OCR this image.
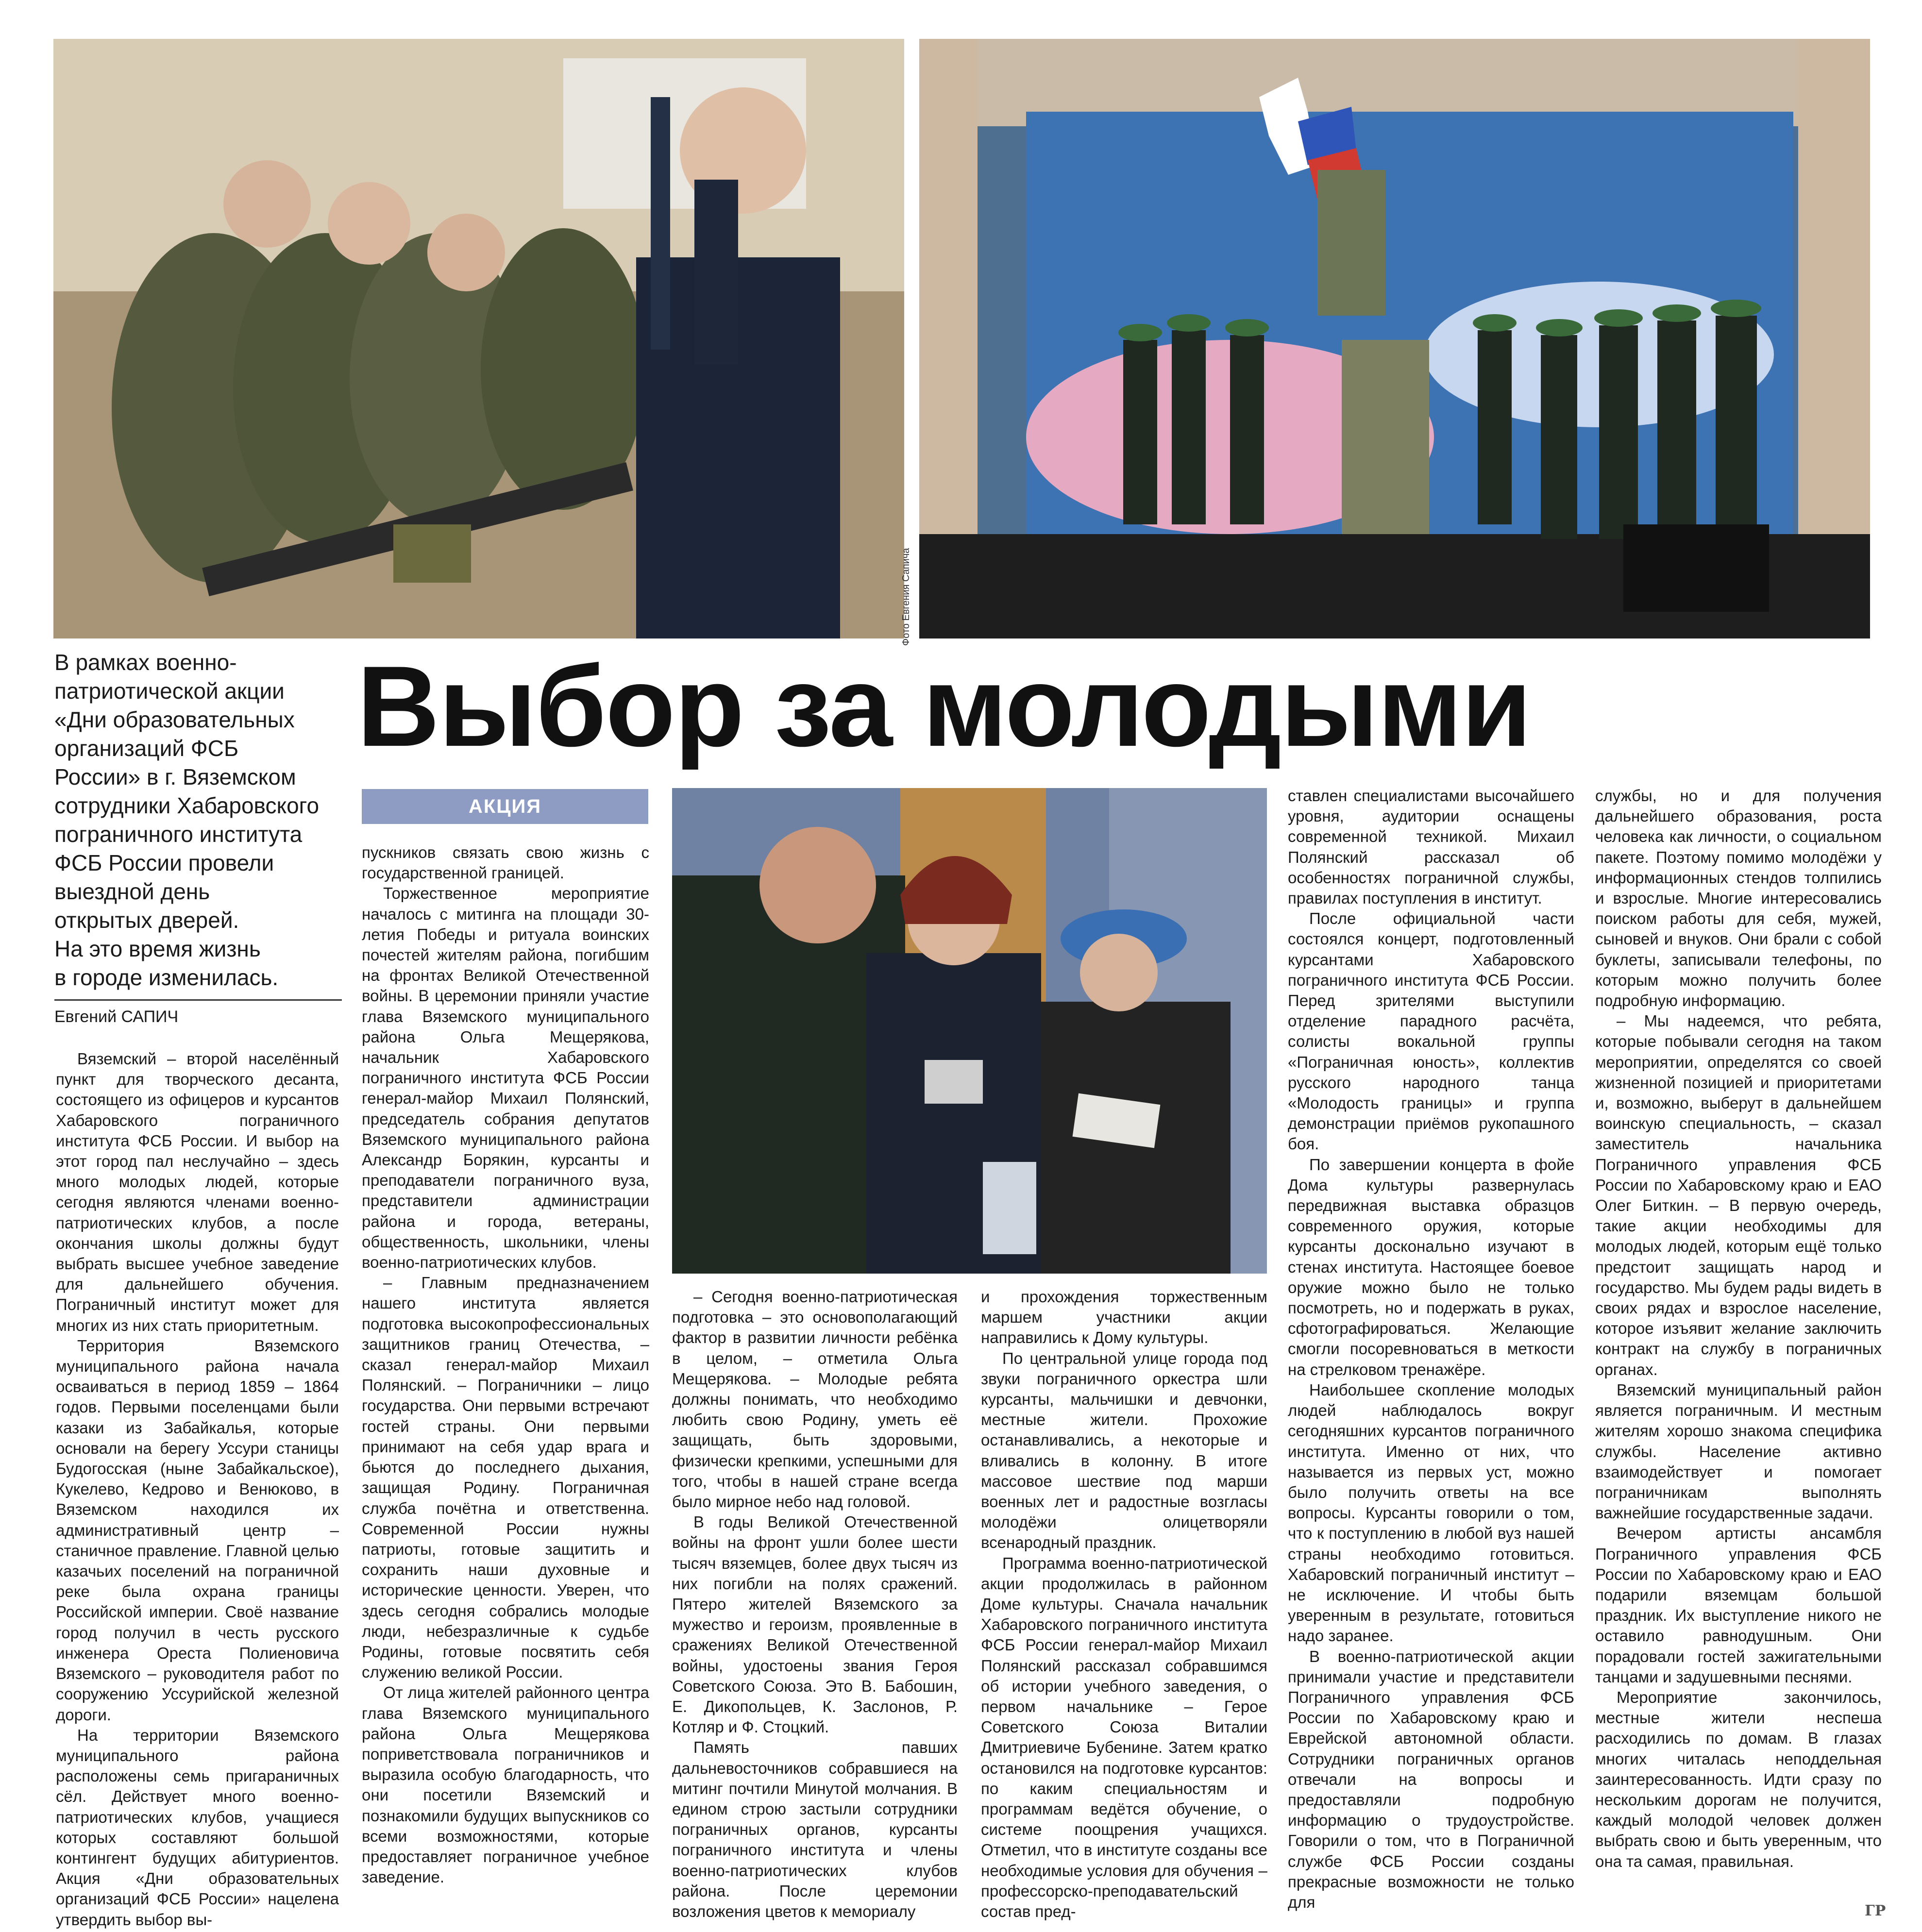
Фото Евгения Сапича

В рамках военно-

патриотической акции

«Дни образовательных

организаций ФСБ

России» в г. Вяземском

сотрудники Хабаровского

пограничного института

ФСБ России провели

выездной день

открытых дверей.

На это время жизнь

в городе изменилась.

Евгений САПИЧ
Выбор за молодыми
АКЦИЯ

Вяземский – второй населённый пункт для творческого десанта, состоящего из офицеров и курсантов Хабаровского пограничного института ФСБ России. И выбор на этот город пал неслучайно – здесь много молодых людей, которые сегодня являются членами военно-патриотических клубов, а после окончания школы должны будут выбрать высшее учебное заведение для дальнейшего обучения. Пограничный институт может для многих из них стать приоритетным.

Территория Вяземского муниципального района начала осваиваться в период 1859 – 1864 годов. Первыми поселенцами были казаки из Забайкалья, которые основали на берегу Уссури станицы Будогосская (ныне Забайкальское), Кукелево, Кедрово и Венюково, в Вяземском находился их административный центр – станичное правление. Главной целью казачьих поселений на пограничной реке была охрана границы Российской империи. Своё название город получил в честь русского инженера Ореста Полиеновича Вяземского – руководителя работ по сооружению Уссурийской железной дороги.

На территории Вяземского муниципального района расположены семь пригараничных сёл. Действует много военно-патриотических клубов, учащиеся которых составляют большой контингент будущих абитуриентов. Акция «Дни образовательных организаций ФСБ России» нацелена утвердить выбор вы-

пускников связать свою жизнь с государственной границей.

Торжественное мероприятие началось с митинга на площади 30-летия Победы и ритуала воинских почестей жителям района, погибшим на фронтах Великой Отечественной войны. В церемонии приняли участие глава Вяземского муниципального района Ольга Мещерякова, начальник Хабаровского пограничного института ФСБ России генерал-майор Михаил Полянский, председатель собрания депутатов Вяземского муниципального района Александр Борякин, курсанты и преподаватели пограничного вуза, представители администрации района и города, ветераны, общественность, школьники, члены военно-патриотических клубов.

– Главным предназначением нашего института является подготовка высокопрофессиональных защитников границ Отечества, – сказал генерал-майор Михаил Полянский. – Пограничники – лицо государства. Они первыми встречают гостей страны. Они первыми принимают на себя удар врага и бьются до последнего дыхания, защищая Родину. Пограничная служба почётна и ответственна. Современной России нужны патриоты, готовые защитить и сохранить наши духовные и исторические ценности. Уверен, что здесь сегодня собрались молодые люди, небезразличные к судьбе Родины, готовые посвятить себя служению великой России.

От лица жителей районного центра глава Вяземского муниципального района Ольга Мещерякова поприветствовала пограничников и выразила особую благодарность, что они посетили Вяземский и познакомили будущих выпускников со всеми возможностями, которые предоставляет пограничное учебное заведение.

– Сегодня военно-патриотическая подготовка – это основополагающий фактор в развитии личности ребёнка в целом, – отметила Ольга Мещерякова. – Молодые ребята должны понимать, что необходимо любить свою Родину, уметь её защищать, быть здоровыми, физически крепкими, успешными для того, чтобы в нашей стране всегда было мирное небо над головой.

В годы Великой Отечественной войны на фронт ушли более шести тысяч вяземцев, более двух тысяч из них погибли на полях сражений. Пятеро жителей Вяземского за мужество и героизм, проявленные в сражениях Великой Отечественной войны, удостоены звания Героя Советского Союза. Это В. Бабошин, Е. Дикопольцев, К. Заслонов, Р. Котляр и Ф. Стоцкий.

Память павших дальневосточников собравшиеся на митинг почтили Минутой молчания. В едином строю застыли сотрудники пограничных органов, курсанты пограничного института и члены военно-патриотических клубов района. После церемонии возложения цветов к мемориалу

и прохождения торжественным маршем участники акции направились к Дому культуры.

По центральной улице города под звуки пограничного оркестра шли курсанты, мальчишки и девчонки, местные жители. Прохожие останавливались, а некоторые и вливались в колонну. В итоге массовое шествие под марши военных лет и радостные возгласы молодёжи олицетворяли всенародный праздник.

Программа военно-патриотической акции продолжилась в районном Доме культуры. Сначала начальник Хабаровского пограничного института ФСБ России генерал-майор Михаил Полянский рассказал собравшимся об истории учебного заведения, о первом начальнике – Герое Советского Союза Виталии Дмитриевиче Бубенине. Затем кратко остановился на подготовке курсантов: по каким специальностям и программам ведётся обучение, о системе поощрения учащихся. Отметил, что в институте созданы все необходимые условия для обучения – профессорско-преподавательский состав пред-

ставлен специалистами высочайшего уровня, аудитории оснащены современной техникой. Михаил Полянский рассказал об особенностях пограничной службы, правилах поступления в институт.

После официальной части состоялся концерт, подготовленный курсантами Хабаровского пограничного института ФСБ России. Перед зрителями выступили отделение парадного расчёта, солисты вокальной группы «Пограничная юность», коллектив русского народного танца «Молодость границы» и группа демонстрации приёмов рукопашного боя.

По завершении концерта в фойе Дома культуры развернулась передвижная выставка образцов современного оружия, которые курсанты досконально изучают в стенах института. Настоящее боевое оружие можно было не только посмотреть, но и подержать в руках, сфотографироваться. Желающие смогли посоревноваться в меткости на стрелковом тренажёре.

Наибольшее скопление молодых людей наблюдалось вокруг сегодняшних курсантов пограничного института. Именно от них, что называется из первых уст, можно было получить ответы на все вопросы. Курсанты говорили о том, что к поступлению в любой вуз нашей страны необходимо готовиться. Хабаровский пограничный институт – не исключение. И чтобы быть уверенным в результате, готовиться надо заранее.

В военно-патриотической акции принимали участие и представители Пограничного управления ФСБ России по Хабаровскому краю и Еврейской автономной области. Сотрудники пограничных органов отвечали на вопросы и предоставляли подробную информацию о трудоустройстве. Говорили о том, что в Пограничной службе ФСБ России созданы прекрасные возможности не только для

службы, но и для получения дальнейшего образования, роста человека как личности, о социальном пакете. Поэтому помимо молодёжи у информационных стендов толпились и взрослые. Многие интересовались поиском работы для себя, мужей, сыновей и внуков. Они брали с собой буклеты, записывали телефоны, по которым можно получить более подробную информацию.

– Мы надеемся, что ребята, которые побывали сегодня на таком мероприятии, определятся со своей жизненной позицией и приоритетами и, возможно, выберут в дальнейшем воинскую специальность, – сказал заместитель начальника Пограничного управления ФСБ России по Хабаровскому краю и ЕАО Олег Биткин. – В первую очередь, такие акции необходимы для молодых людей, которым ещё только предстоит защищать народ и государство. Мы будем рады видеть в своих рядах и взрослое население, которое изъявит желание заключить контракт на службу в пограничных органах.

Вяземский муниципальный район является пограничным. И местным жителям хорошо знакома специфика службы. Население активно взаимодействует и помогает пограничникам выполнять важнейшие государственные задачи.

Вечером артисты ансамбля Пограничного управления ФСБ России по Хабаровскому краю и ЕАО подарили вяземцам большой праздник. Их выступление никого не оставило равнодушным. Они порадовали гостей зажигательными танцами и задушевными песнями.

Мероприятие закончилось, местные жители неспеша расходились по домам. В глазах многих читалась неподдельная заинтересованность. Идти сразу по нескольким дорогам не получится, каждый молодой человек должен выбрать свою и быть уверенным, что она та самая, правильная.

ГР
